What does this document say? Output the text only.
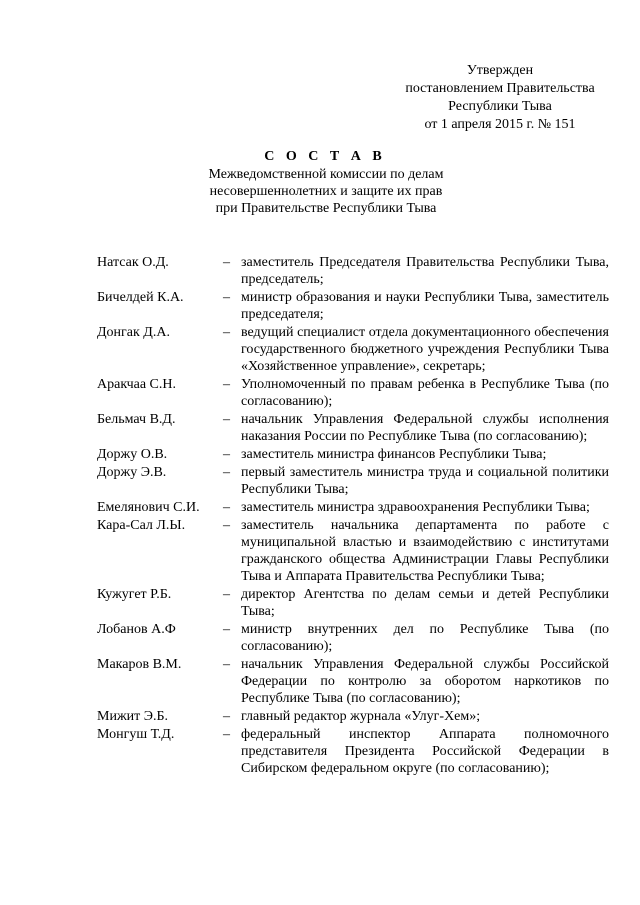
Утвержден
постановлением Правительства
Республики Тыва
от 1 апреля 2015 г. № 151
С О С Т А В
Межведомственной комиссии по делам
несовершеннолетних и защите их прав
при Правительстве Республики Тыва
Натсак О.Д.	– заместитель Председателя Правительства Республики Тыва, председатель;
Бичелдей К.А.	– министр образования и науки Республики Тыва, заместитель председателя;
Донгак Д.А.	– ведущий специалист отдела документационного обеспечения государственного бюджетного учреждения Республики Тыва «Хозяйственное управление», секретарь;
Аракчаа С.Н.	– Уполномоченный по правам ребенка в Республике Тыва (по согласованию);
Бельмач В.Д.	– начальник Управления Федеральной службы исполнения наказания России по Республике Тыва (по согласованию);
Доржу О.В.	– заместитель министра финансов Республики Тыва;
Доржу Э.В.	– первый заместитель министра труда и социальной политики Республики Тыва;
Емелянович С.И.	– заместитель министра здравоохранения Республики Тыва;
Кара-Сал Л.Ы.	– заместитель начальника департамента по работе с муниципальной властью и взаимодействию с институтами гражданского общества Администрации Главы Республики Тыва и Аппарата Правительства Республики Тыва;
Кужугет Р.Б.	– директор Агентства по делам семьи и детей Республики Тыва;
Лобанов А.Ф	– министр внутренних дел по Республике Тыва (по согласованию);
Макаров В.М.	– начальник Управления Федеральной службы Российской Федерации по контролю за оборотом наркотиков по Республике Тыва (по согласованию);
Мижит Э.Б.	– главный редактор журнала «Улуг-Хем»;
Монгуш Т.Д.	– федеральный инспектор Аппарата полномочного представителя Президента Российской Федерации в Сибирском федеральном округе (по согласованию);
